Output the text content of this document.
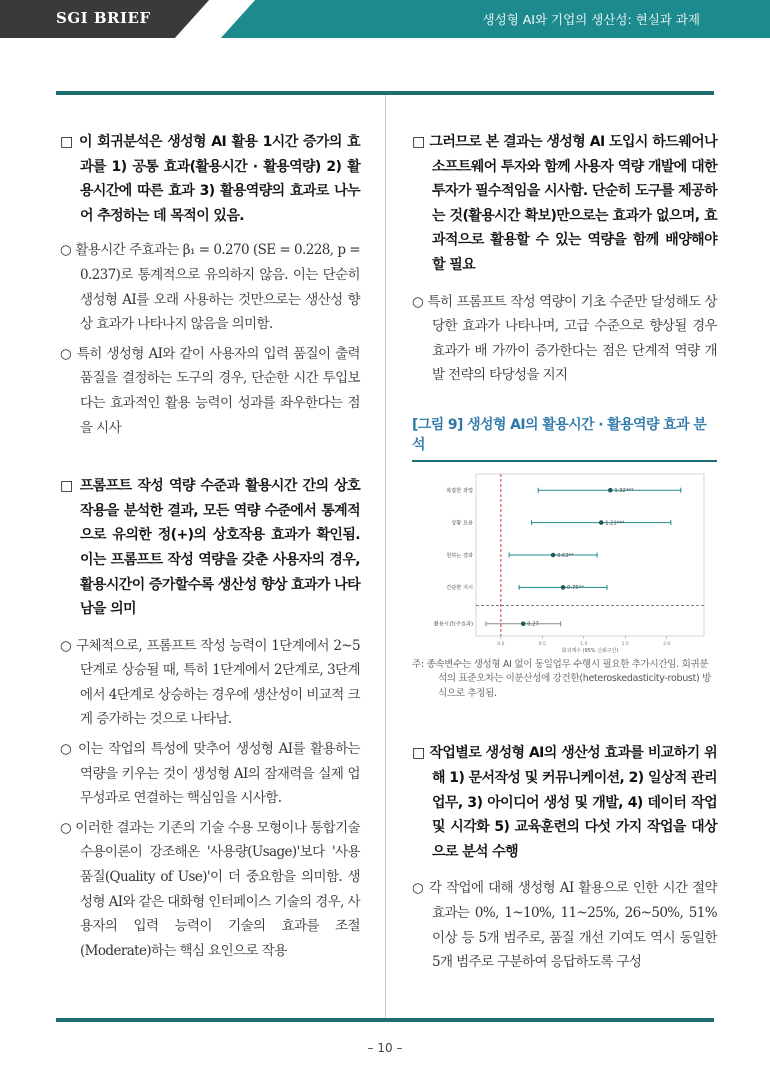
SGI BRIEF	생성형 AI와 기업의 생산성: 현실과 과제
□ 이 회귀분석은 생성형 AI 활용 1시간 증가의 효과를 1) 공통 효과(활용시간 · 활용역량) 2) 활용시간에 따른 효과 3) 활용역량의 효과로 나누어 추정하는 데 목적이 있음.
○ 활용시간 주효과는 β₁ = 0.270 (SE = 0.228, p = 0.237)로 통계적으로 유의하지 않음. 이는 단순히 생성형 AI를 오래 사용하는 것만으로는 생산성 향상 효과가 나타나지 않음을 의미함.
○ 특히 생성형 AI와 같이 사용자의 입력 품질이 출력 품질을 결정하는 도구의 경우, 단순한 시간 투입보다는 효과적인 활용 능력이 성과를 좌우한다는 점을 시사
□ 프롬프트 작성 역량 수준과 활용시간 간의 상호작용을 분석한 결과, 모든 역량 수준에서 통계적으로 유의한 정(+)의 상호작용 효과가 확인됨. 이는 프롬프트 작성 역량을 갖춘 사용자의 경우, 활용시간이 증가할수록 생산성 향상 효과가 나타남을 의미
○ 구체적으로, 프롬프트 작성 능력이 1단계에서 2~5단계로 상승될 때, 특히 1단계에서 2단계로, 3단계에서 4단계로 상승하는 경우에 생산성이 비교적 크게 증가하는 것으로 나타남.
○ 이는 작업의 특성에 맞추어 생성형 AI를 활용하는 역량을 키우는 것이 생성형 AI의 잠재력을 실제 업무성과로 연결하는 핵심임을 시사함.
○ 이러한 결과는 기존의 기술 수용 모형이나 통합기술수용이론이 강조해온 '사용량(Usage)'보다 '사용 품질(Quality of Use)'이 더 중요함을 의미함. 생성형 AI와 같은 대화형 인터페이스 기술의 경우, 사용자의 입력 능력이 기술의 효과를 조절(Moderate)하는 핵심 요인으로 작용
□ 그러므로 본 결과는 생성형 AI 도입시 하드웨어나 소프트웨어 투자와 함께 사용자 역량 개발에 대한 투자가 필수적임을 시사함. 단순히 도구를 제공하는 것(활용시간 확보)만으로는 효과가 없으며, 효과적으로 활용할 수 있는 역량을 함께 배양해야 할 필요
○ 특히 프롬프트 작성 역량이 기초 수준만 달성해도 상당한 효과가 나타나며, 고급 수준으로 향상될 경우 효과가 배 가까이 증가한다는 점은 단계적 역량 개발 전략의 타당성을 지지
[그림 9] 생성형 AI의 활용시간 · 활용역량 효과 분석
0.0	0.5	1.0	1.5	2.0
회귀계수 (95% 신뢰구간)
복잡한 과업	1.32***
상황 묘용	1.21***
원하는 결과	0.63**
간단한 지시	0.75**
활용시간(주효과)	0.27
주: 종속변수는 생성형 AI 없이 동일업무 수행시 필요한 추가시간임. 회귀분석의 표준오차는 이분산성에 강건한(heteroskedasticity-robust) 방식으로 추정됨.
□ 작업별로 생성형 AI의 생산성 효과를 비교하기 위해 1) 문서작성 및 커뮤니케이션, 2) 일상적 관리 업무, 3) 아이디어 생성 및 개발, 4) 데이터 작업 및 시각화 5) 교육훈련의 다섯 가지 작업을 대상으로 분석 수행
○ 각 작업에 대해 생성형 AI 활용으로 인한 시간 절약 효과는 0%, 1~10%, 11~25%, 26~50%, 51% 이상 등 5개 범주로, 품질 개선 기여도 역시 동일한 5개 범주로 구분하여 응답하도록 구성
– 10 –
